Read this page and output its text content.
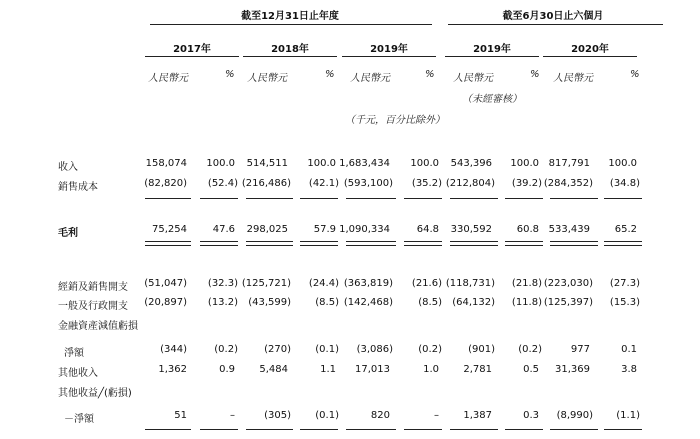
截至12月31日止年度	截至6月30日止六個月
2017年	2018年	2019年	2019年	2020年
人民幣元	% 人民幣元	% 人民幣元	% 人民幣元	% 人民幣元	%
（未經審核）
（千元，百分比除外）
收入	158,074	100.0	514,511	100.0 1,683,434	100.0	543,396	100.0 817,791	100.0
銷售成本	(82,820)	(52.4) (216,486)	(42.1) (593,100)	(35.2) (212,804)	(39.2) (284,352)	(34.8)
毛利	75,254	47.6	298,025	57.9 1,090,334	64.8	330,592	60.8 533,439	65.2
經銷及銷售開支	(51,047)	(32.3) (125,721)	(24.4) (363,819)	(21.6) (118,731)	(21.8) (223,030)	(27.3)
一般及行政開支	(20,897)	(13.2)	(43,599)	(8.5) (142,468)	(8.5)	(64,132)	(11.8) (125,397)	(15.3)
金融資產減值虧損
淨額	(344)	(0.2)	(270)	(0.1)	(3,086)	(0.2)	(901)	(0.2)	977	0.1
其他收入	1,362	0.9	5,484	1.1	17,013	1.0	2,781	0.5	31,369	3.8
其他收益╱(虧損)
－淨額	51	–	(305)	(0.1)	820	–	1,387	0.3	(8,990)	(1.1)
